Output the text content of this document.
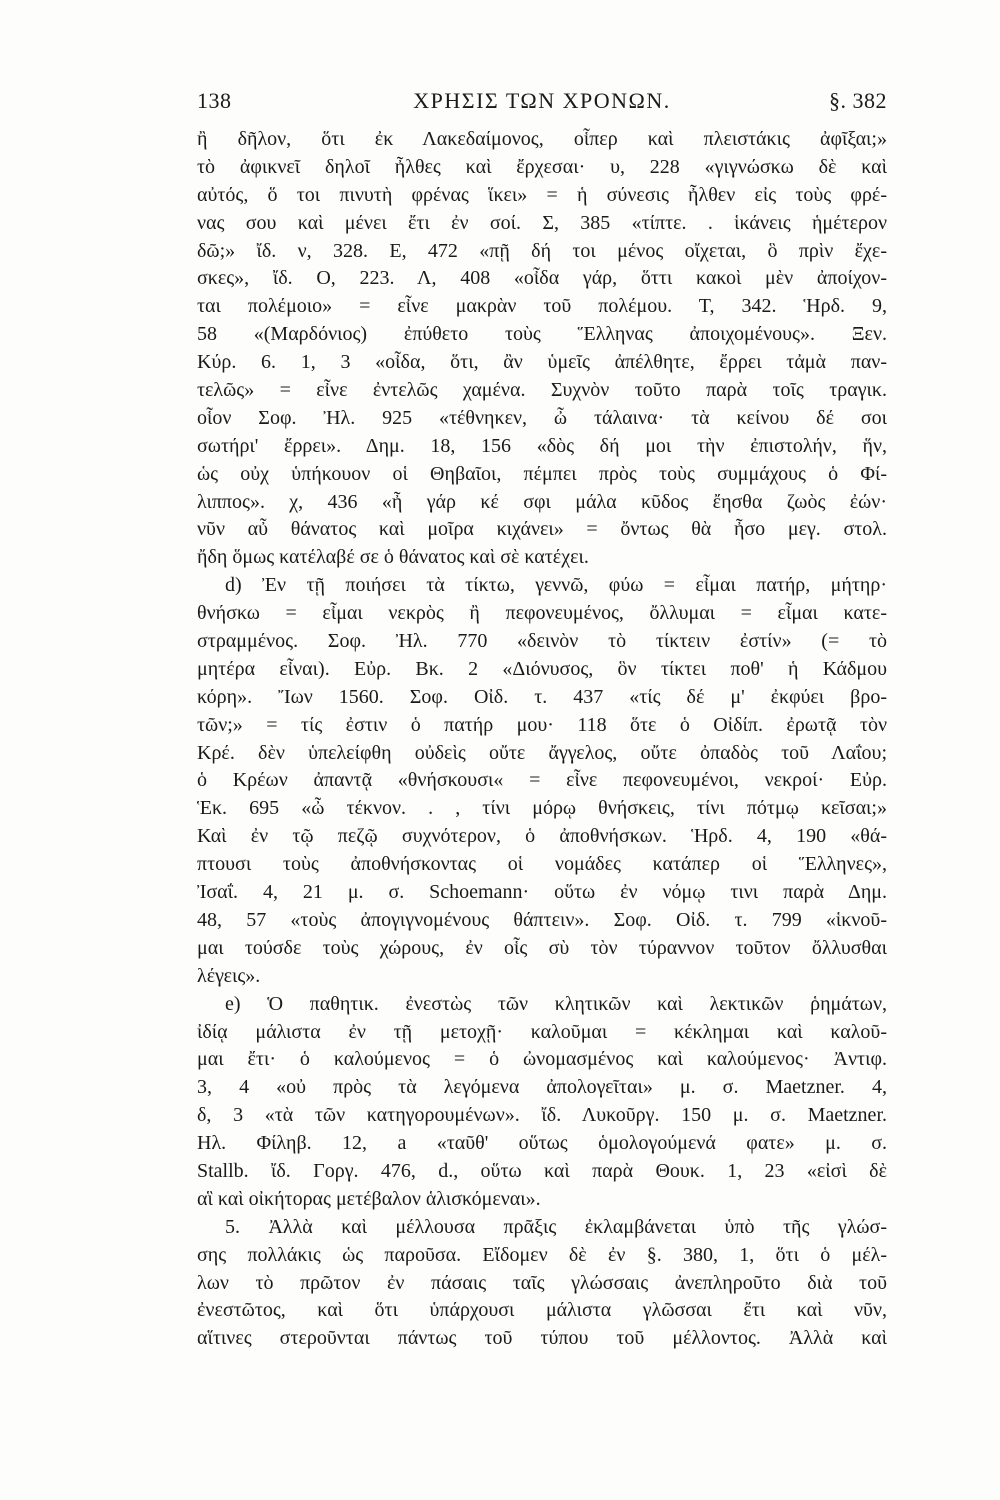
138	ΧΡΗΣΙΣ ΤΩΝ ΧΡΟΝΩΝ.	§. 382
ἢ δῆλον, ὅτι ἐκ Λακεδαίμονος, οἷπερ καὶ πλειστάκις ἀφῖξαι;»
τὸ ἀφικνεῖ δηλοῖ ἦλθες καὶ ἔρχεσαι· υ, 228 «γιγνώσκω δὲ καὶ
αὐτός, ὅ τοι πινυτὴ φρένας ἵκει» = ἡ σύνεσις ἦλθεν εἰς τοὺς φρέ-
νας σου καὶ μένει ἔτι ἐν σοί. Σ, 385 «τίπτε. . ἱκάνεις ἡμέτερον
δῶ;» ἴδ. ν, 328. Ε, 472 «πῇ δή τοι μένος οἴχεται, ὃ πρὶν ἔχε-
σκες», ἴδ. Ο, 223. Λ, 408 «οἶδα γάρ, ὅττι κακοὶ μὲν ἀποίχον-
ται πολέμοιο» = εἶνε μακρὰν τοῦ πολέμου. Τ, 342. Ἡρδ. 9,
58 «(Μαρδόνιος) ἐπύθετο τοὺς Ἕλληνας ἀποιχομένους». Ξεν.
Κύρ. 6. 1, 3 «οἶδα, ὅτι, ἂν ὑμεῖς ἀπέλθητε, ἔρρει τἀμὰ παν-
τελῶς» = εἶνε ἐντελῶς χαμένα. Συχνὸν τοῦτο παρὰ τοῖς τραγικ.
οἷον Σοφ. Ἠλ. 925 «τέθνηκεν, ὦ τάλαινα· τὰ κείνου δέ σοι
σωτήρι' ἔρρει». Δημ. 18, 156 «δὸς δή μοι τὴν ἐπιστολήν, ἥν,
ὡς οὐχ ὑπήκουον οἱ Θηβαῖοι, πέμπει πρὸς τοὺς συμμάχους ὁ Φί-
λιππος». χ, 436 «ἦ γάρ κέ σφι μάλα κῦδος ἔησθα ζωὸς ἐών·
νῦν αὖ θάνατος καὶ μοῖρα κιχάνει» = ὄντως θὰ ἦσο μεγ. στολ.
ἤδη ὅμως κατέλαβέ σε ὁ θάνατος καὶ σὲ κατέχει.
d) Ἐν τῇ ποιήσει τὰ τίκτω, γεννῶ, φύω = εἶμαι πατήρ, μήτηρ·
θνήσκω = εἶμαι νεκρὸς ἢ πεφονευμένος, ὄλλυμαι = εἶμαι κατε-
στραμμένος. Σοφ. Ἠλ. 770 «δεινὸν τὸ τίκτειν ἐστίν» (= τὸ
μητέρα εἶναι). Εὐρ. Βκ. 2 «Διόνυσος, ὃν τίκτει ποθ' ἡ Κάδμου
κόρη». Ἴων 1560. Σοφ. Οἰδ. τ. 437 «τίς δέ μ' ἐκφύει βρο-
τῶν;» = τίς ἐστιν ὁ πατήρ μου· 118 ὅτε ὁ Οἰδίπ. ἐρωτᾷ τὸν
Κρέ. δὲν ὑπελείφθη οὐδεὶς οὔτε ἄγγελος, οὔτε ὀπαδὸς τοῦ Λαΐου;
ὁ Κρέων ἀπαντᾷ «θνήσκουσι« = εἶνε πεφονευμένοι, νεκροί· Εὐρ.
Ἑκ. 695 «ὦ τέκνον. . , τίνι μόρῳ θνήσκεις, τίνι πότμῳ κεῖσαι;»
Καὶ ἐν τῷ πεζῷ συχνότερον, ὁ ἀποθνήσκων. Ἡρδ. 4, 190 «θά-
πτουσι τοὺς ἀποθνήσκοντας οἱ νομάδες κατάπερ οἱ Ἕλληνες»,
Ἰσαΐ. 4, 21 μ. σ. Schoemann· οὕτω ἐν νόμῳ τινι παρὰ Δημ.
48, 57 «τοὺς ἀπογιγνομένους θάπτειν». Σοφ. Οἰδ. τ. 799 «ἱκνοῦ-
μαι τούσδε τοὺς χώρους, ἐν οἷς σὺ τὸν τύραννον τοῦτον ὄλλυσθαι
λέγεις».
e) Ὁ παθητικ. ἐνεστὼς τῶν κλητικῶν καὶ λεκτικῶν ῥημάτων,
ἰδίᾳ μάλιστα ἐν τῇ μετοχῇ· καλοῦμαι = κέκλημαι καὶ καλοῦ-
μαι ἔτι· ὁ καλούμενος = ὁ ὠνομασμένος καὶ καλούμενος· Ἀντιφ.
3, 4 «οὐ πρὸς τὰ λεγόμενα ἀπολογεῖται» μ. σ. Maetzner. 4,
δ, 3 «τὰ τῶν κατηγορουμένων». ἴδ. Λυκοῦργ. 150 μ. σ. Maetzner.
Ηλ. Φίληβ. 12, a «ταῦθ' οὕτως ὁμολογούμενά φατε» μ. σ.
Stallb. ἴδ. Γοργ. 476, d., οὕτω καὶ παρὰ Θουκ. 1, 23 «εἰσὶ δὲ
αἳ καὶ οἰκήτορας μετέβαλον ἁλισκόμεναι».
5. Ἀλλὰ καὶ μέλλουσα πρᾶξις ἐκλαμβάνεται ὑπὸ τῆς γλώσ-
σης πολλάκις ὡς παροῦσα. Εἴδομεν δὲ ἐν §. 380, 1, ὅτι ὁ μέλ-
λων τὸ πρῶτον ἐν πάσαις ταῖς γλώσσαις ἀνεπληροῦτο διὰ τοῦ
ἐνεστῶτος, καὶ ὅτι ὑπάρχουσι μάλιστα γλῶσσαι ἔτι καὶ νῦν,
αἵτινες στεροῦνται πάντως τοῦ τύπου τοῦ μέλλοντος. Ἀλλὰ καὶ
